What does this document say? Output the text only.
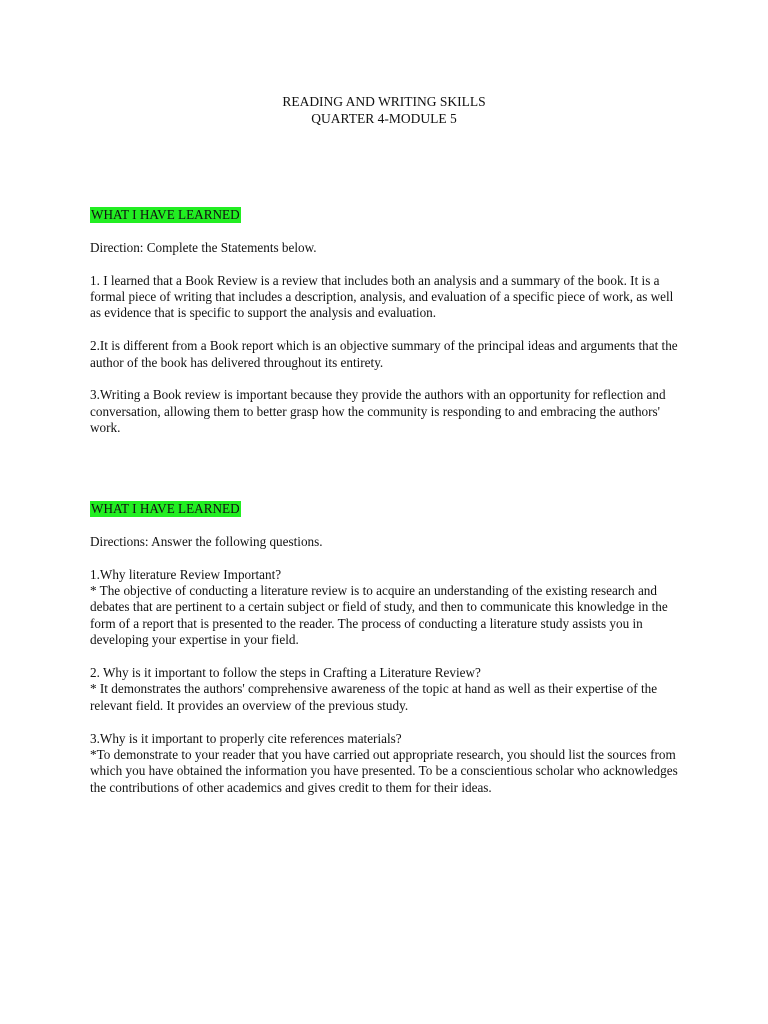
READING AND WRITING SKILLS
QUARTER 4-MODULE 5

WHAT I HAVE LEARNED

Direction: Complete the Statements below.

1. I learned that a Book Review is a review that includes both an analysis and a summary of the book. It is a formal piece of writing that includes a description, analysis, and evaluation of a specific piece of work, as well as evidence that is specific to support the analysis and evaluation.

2.It is different from a Book report which is an objective summary of the principal ideas and arguments that the author of the book has delivered throughout its entirety.

3.Writing a Book review is important because they provide the authors with an opportunity for reflection and conversation, allowing them to better grasp how the community is responding to and embracing the authors' work.

WHAT I HAVE LEARNED

Directions: Answer the following questions.

1.Why literature Review Important?

* The objective of conducting a literature review is to acquire an understanding of the existing research and debates that are pertinent to a certain subject or field of study, and then to communicate this knowledge in the form of a report that is presented to the reader. The process of conducting a literature study assists you in developing your expertise in your field.

2. Why is it important to follow the steps in Crafting a Literature Review?

* It demonstrates the authors' comprehensive awareness of the topic at hand as well as their expertise of the relevant field. It provides an overview of the previous study.

3.Why is it important to properly cite references materials?

*To demonstrate to your reader that you have carried out appropriate research, you should list the sources from which you have obtained the information you have presented. To be a conscientious scholar who acknowledges the contributions of other academics and gives credit to them for their ideas.
